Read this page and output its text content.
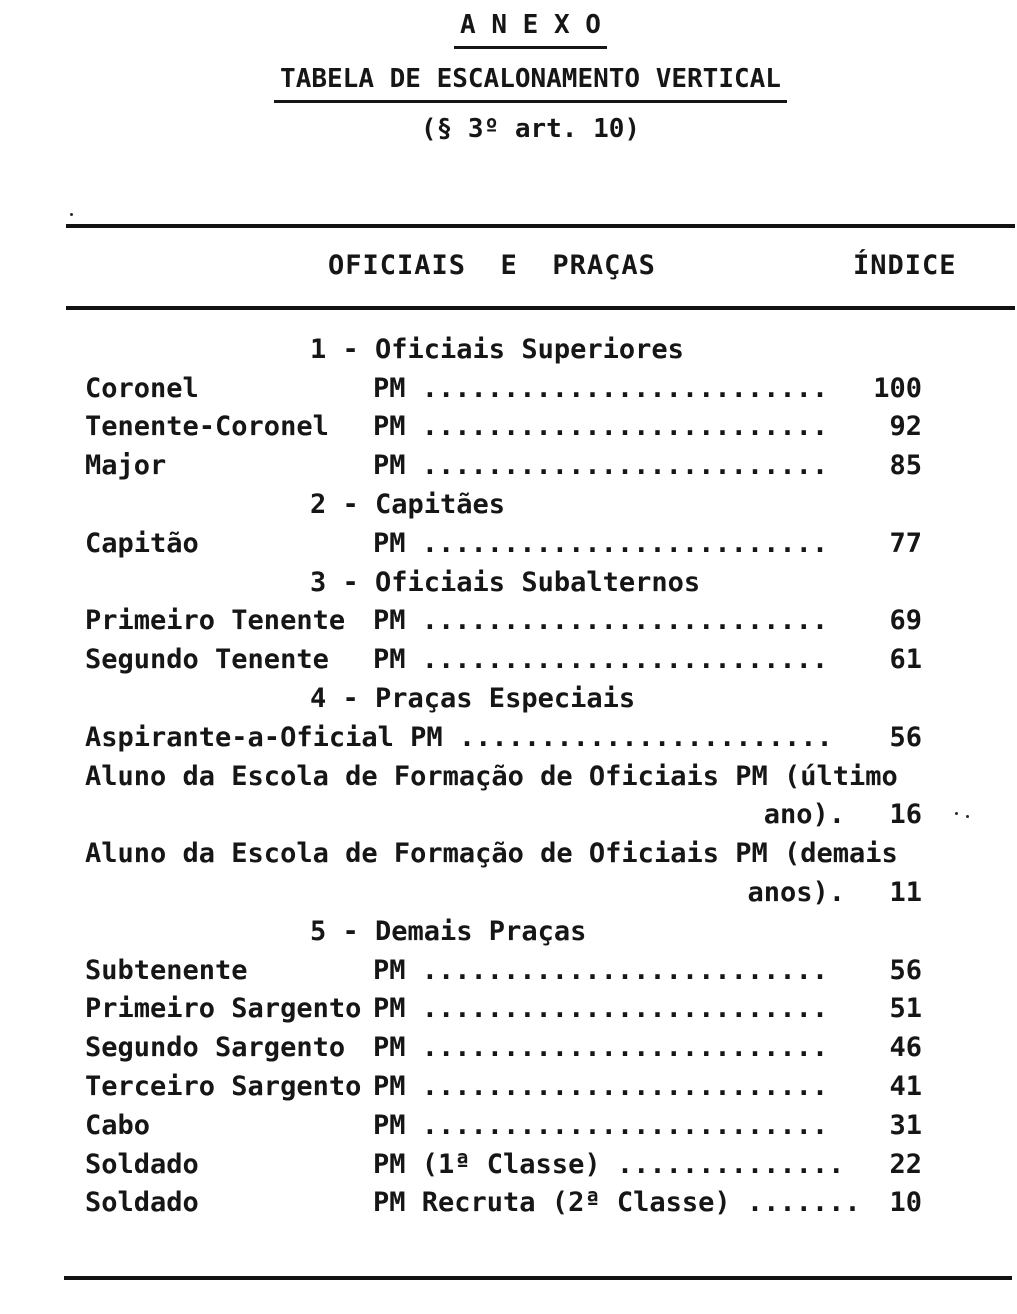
A N E X O
TABELA DE ESCALONAMENTO VERTICAL
(§ 3º art. 10)
OFICIAIS  E  PRAÇAS	ÍNDICE
1 - Oficiais Superiores
Coronel	PM .........................	100
Tenente-Coronel	PM .........................	92
Major	PM .........................	85
2 - Capitães
Capitão	PM .........................	77
3 - Oficiais Subalternos
Primeiro Tenente	PM .........................	69
Segundo Tenente	PM .........................	61
4 - Praças Especiais
Aspirante-a-Oficial PM .......................	56
Aluno da Escola de Formação de Oficiais PM (último
ano).	16
Aluno da Escola de Formação de Oficiais PM (demais
anos).	11
5 - Demais Praças
Subtenente	PM .........................	56
Primeiro Sargento PM .........................	51
Segundo Sargento	PM .........................	46
Terceiro Sargento PM .........................	41
Cabo	PM .........................	31
Soldado	PM (1ª Classe) ..............	22
Soldado	PM Recruta (2ª Classe) .......	10
